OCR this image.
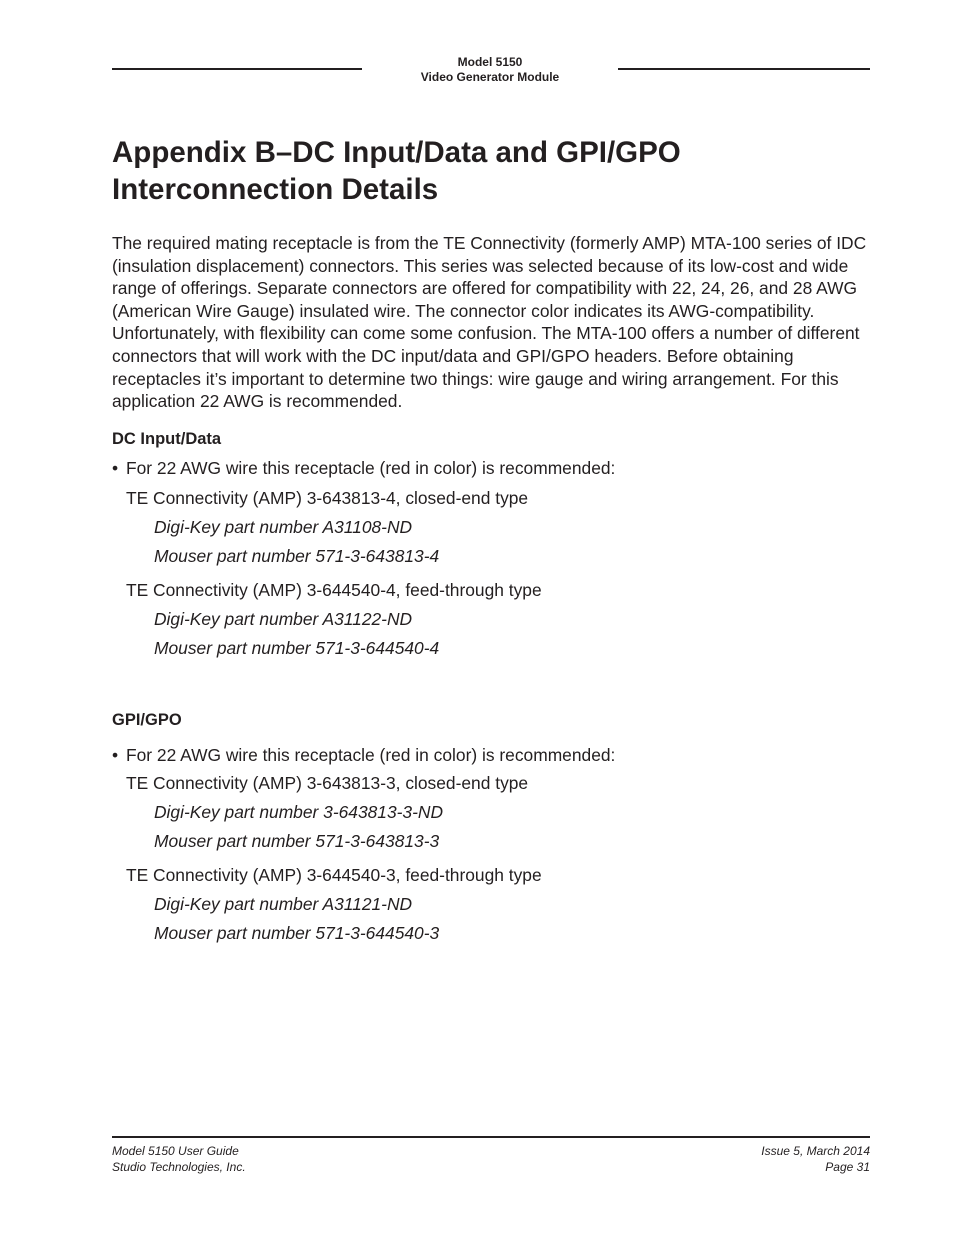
Model 5150
Video Generator Module
Appendix B–DC Input/Data and GPI/GPO
Interconnection Details

The required mating receptacle is from the TE Connectivity (formerly AMP) MTA-100 series of IDC (insulation displacement) connectors. This series was selected because of its low-cost and wide range of offerings. Separate connectors are offered for compatibility with 22, 24, 26, and 28 AWG (American Wire Gauge) insulated wire. The connector color indicates its AWG-compatibility. Unfortunately, with flexibility can come some confusion. The MTA-100 offers a number of different connectors that will work with the DC input/data and GPI/GPO headers. Before obtaining receptacles it’s important to determine two things: wire gauge and wiring arrangement. For this application 22 AWG is recommended.

DC Input/Data
• For 22 AWG wire this receptacle (red in color) is recommended:
TE Connectivity (AMP) 3-643813-4, closed-end type
Digi-Key part number A31108-ND
Mouser part number 571-3-643813-4
TE Connectivity (AMP) 3-644540-4, feed-through type
Digi-Key part number A31122-ND
Mouser part number 571-3-644540-4
GPI/GPO
• For 22 AWG wire this receptacle (red in color) is recommended:
TE Connectivity (AMP) 3-643813-3, closed-end type
Digi-Key part number 3-643813-3-ND
Mouser part number 571-3-643813-3
TE Connectivity (AMP) 3-644540-3, feed-through type
Digi-Key part number A31121-ND
Mouser part number 571-3-644540-3
Model 5150 User Guide
Studio Technologies, Inc.
Issue 5, March 2014
Page 31
